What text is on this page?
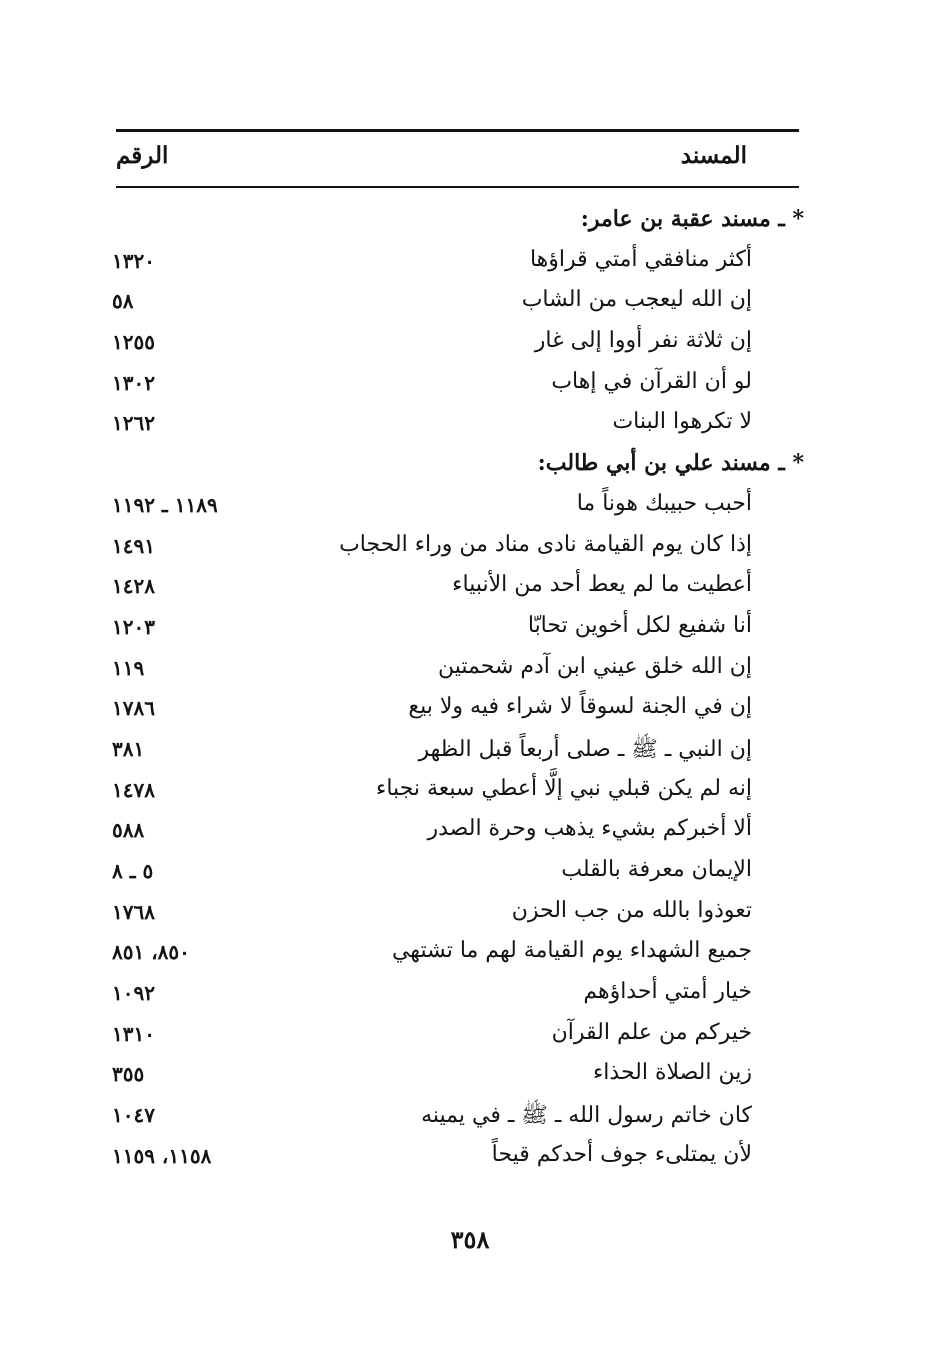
المسند
الرقم
* ـ مسند عقبة بن عامر:
أكثر منافقي أمتي قراؤها
١٣٢٠
إن الله ليعجب من الشاب
٥٨
إن ثلاثة نفر أووا إلى غار
١٢٥٥
لو أن القرآن في إهاب
١٣٠٢
لا تكرهوا البنات
١٢٦٢
* ـ مسند علي بن أبي طالب:
أحبب حبيبك هوناً ما
١١٨٩ ـ ١١٩٢
إذا كان يوم القيامة نادى مناد من وراء الحجاب
١٤٩١
أعطيت ما لم يعط أحد من الأنبياء
١٤٢٨
أنا شفيع لكل أخوين تحابّا
١٢٠٣
إن الله خلق عيني ابن آدم شحمتين
١١٩
إن في الجنة لسوقاً لا شراء فيه ولا بيع
١٧٨٦
إن النبي ـ ﷺ ـ صلى أربعاً قبل الظهر
٣٨١
إنه لم يكن قبلي نبي إلَّا أعطي سبعة نجباء
١٤٧٨
ألا أخبركم بشيء يذهب وحرة الصدر
٥٨٨
الإيمان معرفة بالقلب
٥ ـ ٨
تعوذوا بالله من جب الحزن
١٧٦٨
جميع الشهداء يوم القيامة لهم ما تشتهي
٨٥٠، ٨٥١
خيار أمتي أحداؤهم
١٠٩٢
خيركم من علم القرآن
١٣١٠
زين الصلاة الحذاء
٣٥٥
كان خاتم رسول الله ـ ﷺ ـ في يمينه
١٠٤٧
لأن يمتلىء جوف أحدكم قيحاً
١١٥٨، ١١٥٩
٣٥٨
